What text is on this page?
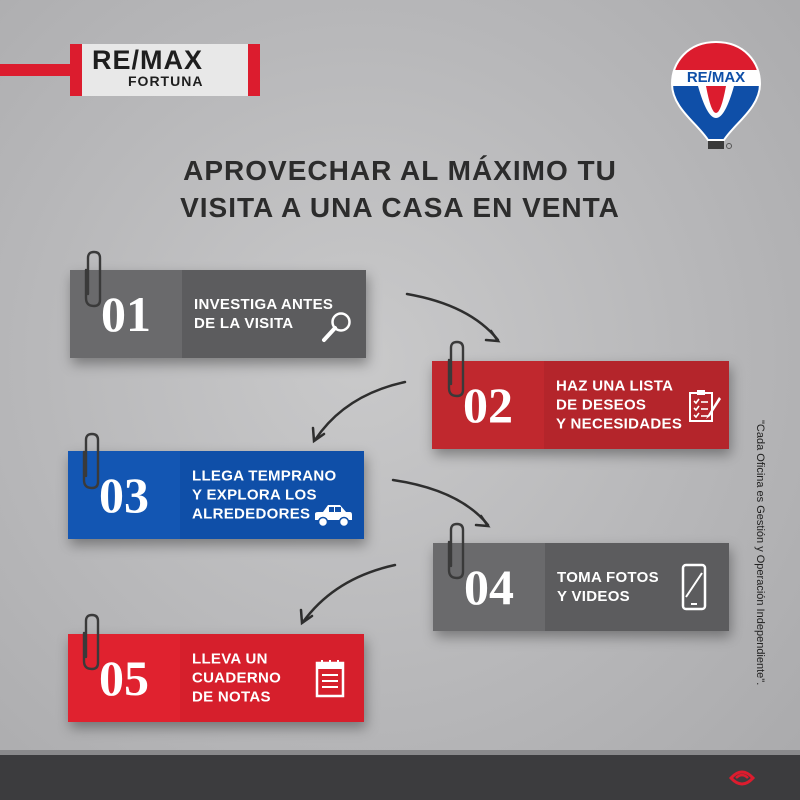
RE/MAX
FORTUNA	RE/MAX
APROVECHAR AL MÁXIMO TU
VISITA A UNA CASA EN VENTA
01	INVESTIGA ANTES
DE LA VISITA
02	HAZ UNA LISTA
DE DESEOS
Y NECESIDADES
03	LLEGA TEMPRANO
Y EXPLORA LOS
ALREDEDORES
04	TOMA FOTOS
Y VIDEOS
05	LLEVA UN
CUADERNO
DE NOTAS
"Cada Oficina es Gestión y Operación Independiente".
